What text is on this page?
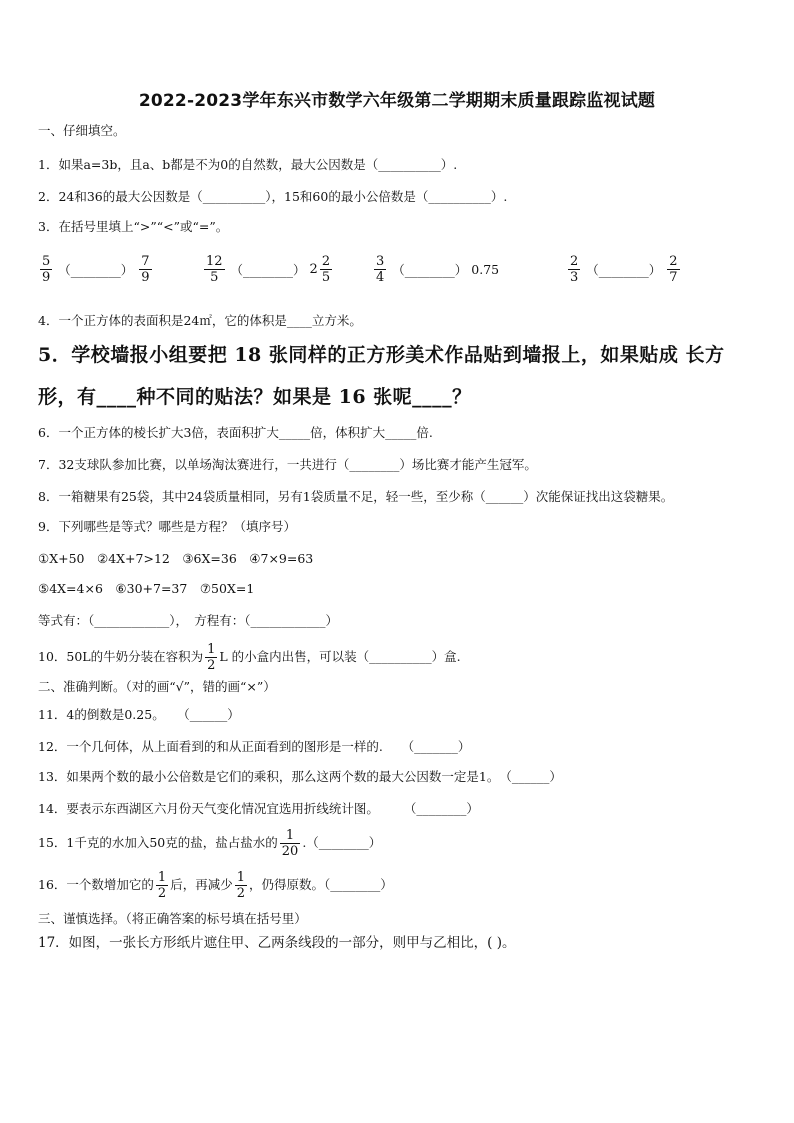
2022-2023学年东兴市数学六年级第二学期期末质量跟踪监视试题
一、仔细填空。
1．如果a=3b，且a、b都是不为0的自然数，最大公因数是（__________）.
2．24和36的最大公因数是（__________），15和60的最小公倍数是（__________）.
3．在括号里填上“>”“<”或“=”。
$\frac{5}{9}$ （________） $\frac{7}{9}$	$\frac{12}{5}$ （________） $2 \frac{2}{5}$	$\frac{3}{4}$ （________） 0.75	$\frac{2}{3}$ （________） $\frac{2}{7}$
4．一个正方体的表面积是24㎡，它的体积是____立方米。
5．学校墙报小组要把 18 张同样的正方形美术作品贴到墙报上，如果贴成 长方
形，有____种不同的贴法？如果是 16 张呢____？
6．一个正方体的棱长扩大3倍，表面积扩大_____倍，体积扩大_____倍.
7．32支球队参加比赛，以单场淘汰赛进行，一共进行（________）场比赛才能产生冠军。
8．一箱糖果有25袋，其中24袋质量相同，另有1袋质量不足，轻一些，至少称（______）次能保证找出这袋糖果。
9．下列哪些是等式？哪些是方程？（填序号）
①X+50　②4X+7>12　③6X=36　④7×9=63
⑤4X=4×6　⑥30+7=37　⑦50X=1
等式有：（____________），　方程有：（____________）
10．50L的牛奶分装在容积为 $\frac{1}{2}$ L 的小盒内出售，可以装（__________）盒.
二、准确判断。（对的画“√”，错的画“×”）
11．4的倒数是0.25。　　（______）
12．一个几何体，从上面看到的和从正面看到的图形是一样的.　　（_______）
13．如果两个数的最小公倍数是它们的乘积，那么这两个数的最大公因数一定是1。　（______）
14．要表示东西湖区六月份天气变化情况宜选用折线统计图。　　　（________）
15．1千克的水加入50克的盐，盐占盐水的 $\frac{1}{20}$ .（________）
16．一个数增加它的 $\frac{1}{2}$ 后，再减少 $\frac{1}{2}$ ，仍得原数。（________）
三、谨慎选择。（将正确答案的标号填在括号里）
17．如图，一张长方形纸片遮住甲、乙两条线段的一部分，则甲与乙相比，( )。
